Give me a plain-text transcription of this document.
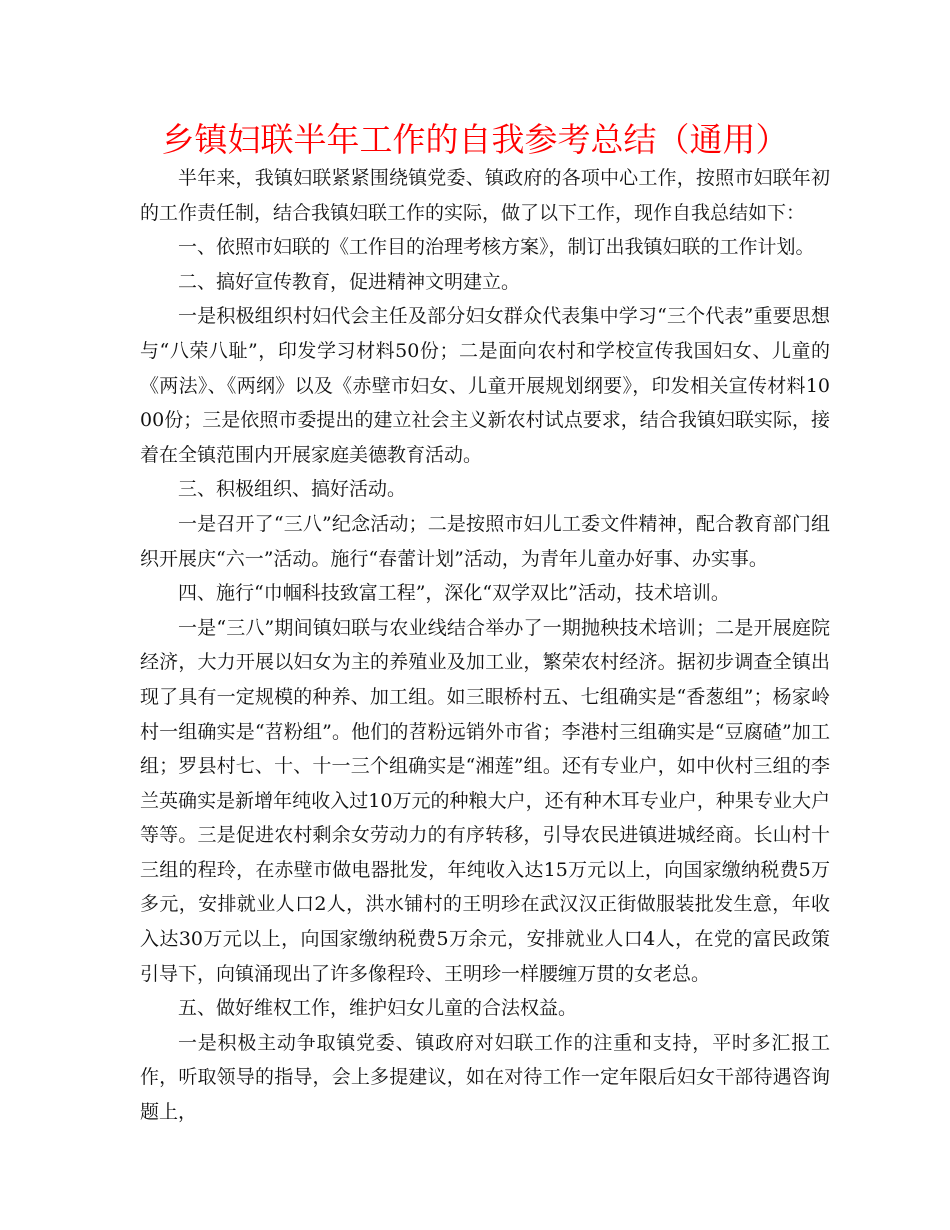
乡镇妇联半年工作的自我参考总结（通用）

半年来，我镇妇联紧紧围绕镇党委、镇政府的各项中心工作，按照市妇联年初的工作责任制，结合我镇妇联工作的实际，做了以下工作，现作自我总结如下：

一、依照市妇联的《工作目的治理考核方案》，制订出我镇妇联的工作计划。

二、搞好宣传教育，促进精神文明建立。

一是积极组织村妇代会主任及部分妇女群众代表集中学习“三个代表”重要思想与“八荣八耻”，印发学习材料50份；二是面向农村和学校宣传我国妇女、儿童的《两法》、《两纲》以及《赤壁市妇女、儿童开展规划纲要》，印发相关宣传材料1000份；三是依照市委提出的建立社会主义新农村试点要求，结合我镇妇联实际，接着在全镇范围内开展家庭美德教育活动。

三、积极组织、搞好活动。

一是召开了“三八”纪念活动；二是按照市妇儿工委文件精神，配合教育部门组织开展庆“六一”活动。施行“春蕾计划”活动，为青年儿童办好事、办实事。

四、施行“巾帼科技致富工程”，深化“双学双比”活动，技术培训。

一是“三八”期间镇妇联与农业线结合举办了一期抛秧技术培训；二是开展庭院经济，大力开展以妇女为主的养殖业及加工业，繁荣农村经济。据初步调查全镇出现了具有一定规模的种养、加工组。如三眼桥村五、七组确实是“香葱组”；杨家岭村一组确实是“苕粉组”。他们的苕粉远销外市省；李港村三组确实是“豆腐碴”加工组；罗县村七、十、十一三个组确实是“湘莲”组。还有专业户，如中伙村三组的李兰英确实是新增年纯收入过10万元的种粮大户，还有种木耳专业户，种果专业大户等等。三是促进农村剩余女劳动力的有序转移，引导农民进镇进城经商。长山村十三组的程玲，在赤壁市做电器批发，年纯收入达15万元以上，向国家缴纳税费5万多元，安排就业人口2人，洪水铺村的王明珍在武汉汉正街做服装批发生意，年收入达30万元以上，向国家缴纳税费5万余元，安排就业人口4人，在党的富民政策引导下，向镇涌现出了许多像程玲、王明珍一样腰缠万贯的女老总。

五、做好维权工作，维护妇女儿童的合法权益。

一是积极主动争取镇党委、镇政府对妇联工作的注重和支持，平时多汇报工作，听取领导的指导，会上多提建议，如在对待工作一定年限后妇女干部待遇咨询题上，
